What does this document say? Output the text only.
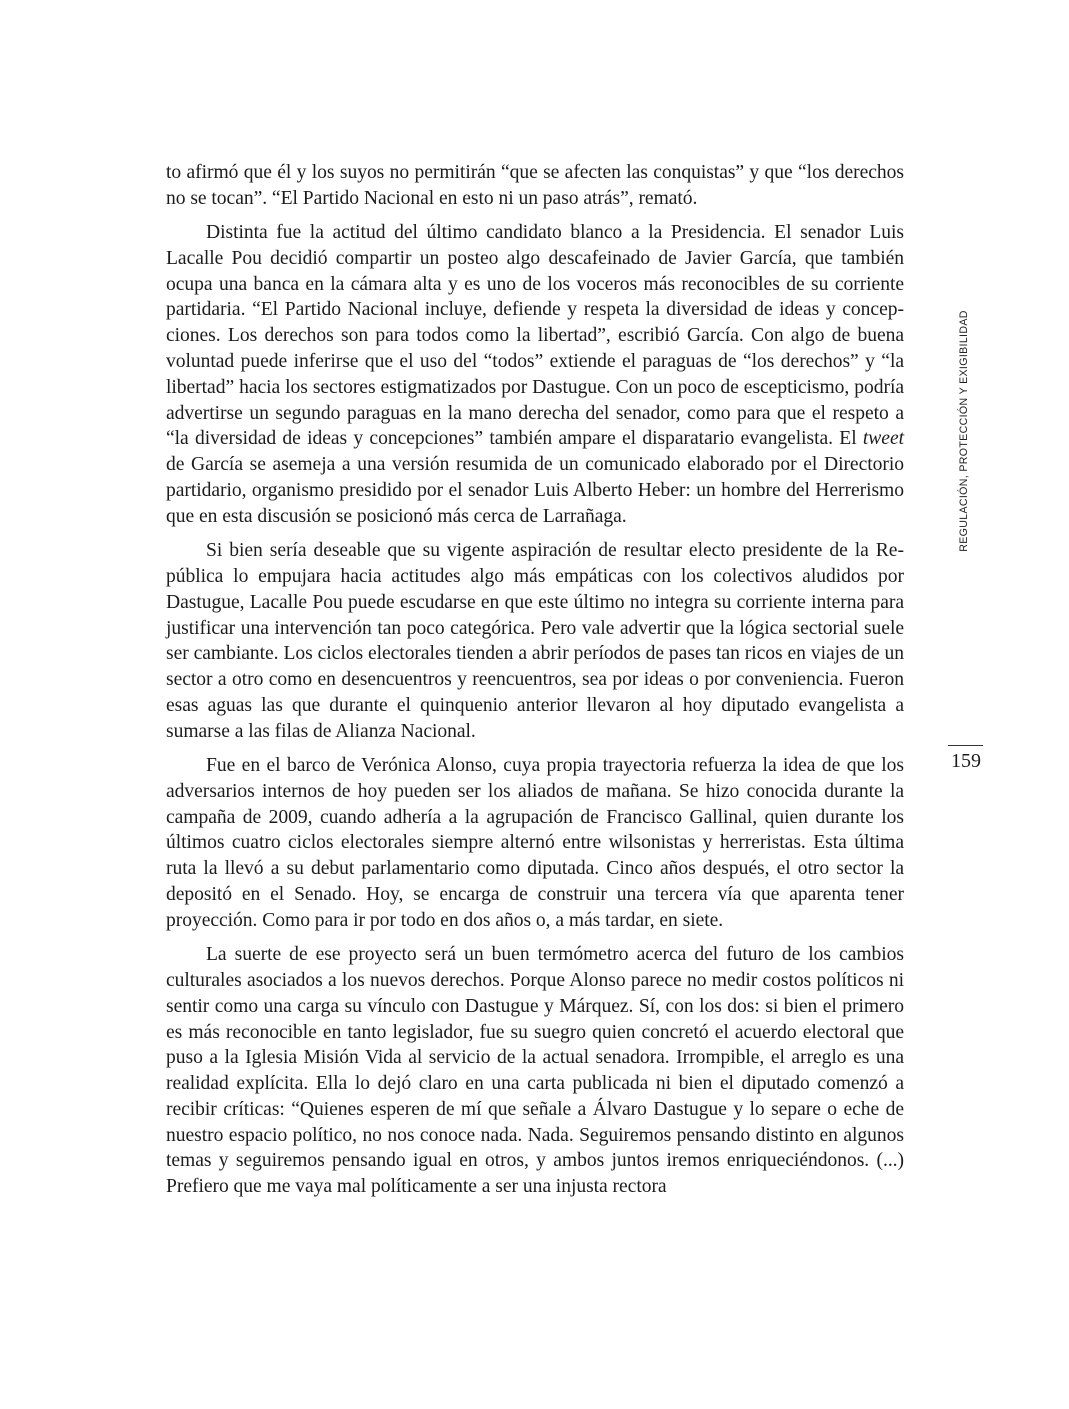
REGULACIÓN, PROTECCIÓN Y EXIGIBILIDAD
159

to afirmó que él y los suyos no permitirán “que se afecten las conquistas” y que “los derechos no se tocan”. “El Partido Nacional en esto ni un paso atrás”, remató.

Distinta fue la actitud del último candidato blanco a la Presidencia. El senador Luis Lacalle Pou decidió compartir un posteo algo descafeinado de Javier García, que también ocupa una banca en la cámara alta y es uno de los voceros más reconocibles de su corriente partidaria. “El Partido Nacional incluye, defiende y respeta la diversidad de ideas y concepciones. Los derechos son para todos como la libertad”, escribió García. Con algo de buena voluntad puede inferirse que el uso del “todos” extiende el paraguas de “los derechos” y “la libertad” hacia los sectores estigmatizados por Dastugue. Con un poco de escepticismo, podría advertirse un segundo paraguas en la mano derecha del senador, como para que el respeto a “la diversidad de ideas y concepciones” también ampare el disparatario evangelista. El tweet de García se asemeja a una versión resumida de un comunicado elaborado por el Directorio partidario, organismo presidido por el senador Luis Alberto Heber: un hombre del Herrerismo que en esta discusión se posicionó más cerca de Larrañaga.

Si bien sería deseable que su vigente aspiración de resultar electo presidente de la República lo empujara hacia actitudes algo más empáticas con los colectivos aludidos por Dastugue, Lacalle Pou puede escudarse en que este último no integra su corriente interna para justificar una intervención tan poco categórica. Pero vale advertir que la lógica sectorial suele ser cambiante. Los ciclos electorales tienden a abrir períodos de pases tan ricos en viajes de un sector a otro como en desencuentros y reencuentros, sea por ideas o por conveniencia. Fueron esas aguas las que durante el quinquenio anterior llevaron al hoy diputado evangelista a sumarse a las filas de Alianza Nacional.

Fue en el barco de Verónica Alonso, cuya propia trayectoria refuerza la idea de que los adversarios internos de hoy pueden ser los aliados de mañana. Se hizo conocida durante la campaña de 2009, cuando adhería a la agrupación de Francisco Gallinal, quien durante los últimos cuatro ciclos electorales siempre alternó entre wilsonistas y herreristas. Esta última ruta la llevó a su debut parlamentario como diputada. Cinco años después, el otro sector la depositó en el Senado. Hoy, se encarga de construir una tercera vía que aparenta tener proyección. Como para ir por todo en dos años o, a más tardar, en siete.

La suerte de ese proyecto será un buen termómetro acerca del futuro de los cambios culturales asociados a los nuevos derechos. Porque Alonso parece no medir costos políticos ni sentir como una carga su vínculo con Dastugue y Márquez. Sí, con los dos: si bien el primero es más reconocible en tanto legislador, fue su suegro quien concretó el acuerdo electoral que puso a la Iglesia Misión Vida al servicio de la actual senadora. Irrompible, el arreglo es una realidad explícita. Ella lo dejó claro en una carta publicada ni bien el diputado comenzó a recibir críticas: “Quienes esperen de mí que señale a Álvaro Dastugue y lo separe o eche de nuestro espacio político, no nos conoce nada. Nada. Seguiremos pensando distinto en algunos temas y seguiremos pensando igual en otros, y ambos juntos iremos enriqueciéndonos. (...) Prefiero que me vaya mal políticamente a ser una injusta rectora
